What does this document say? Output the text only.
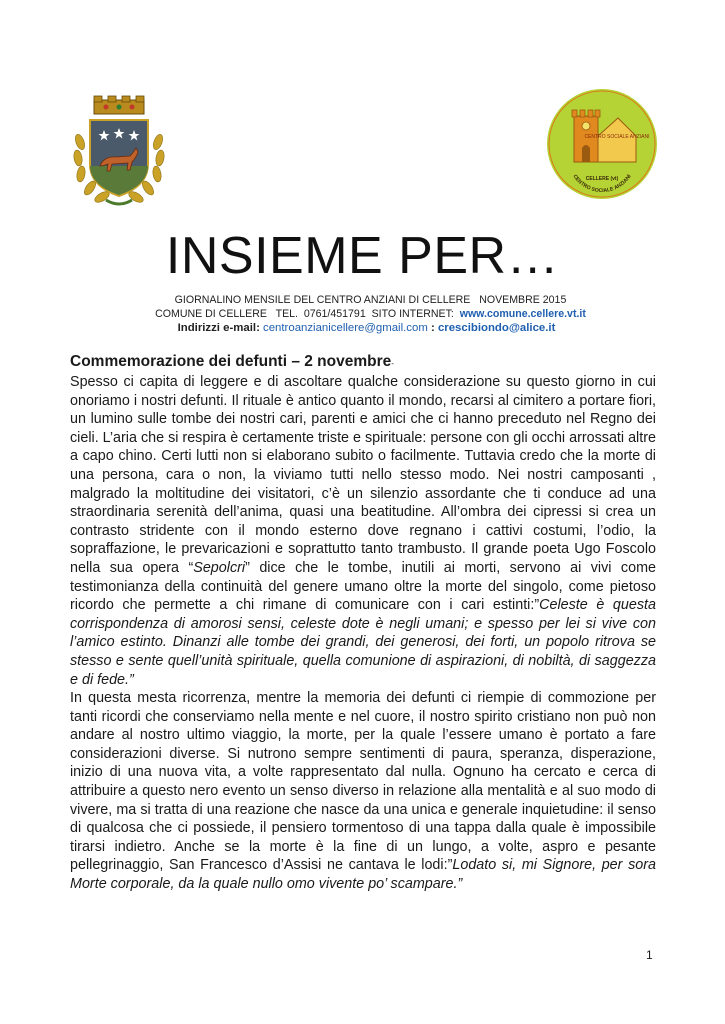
CENTRO SOCIALE ANZIANI
CENTRO SOCIALE ANZIANI
CELLERE (vt)
INSIEME PER…
GIORNALINO MENSILE DEL CENTRO ANZIANI DI CELLERE   NOVEMBRE 2015
COMUNE DI CELLERE   TEL.  0761/451791  SITO INTERNET:  www.comune.cellere.vt.it
Indirizzi e-mail: centroanzianicellere@gmail.com : crescibiondo@alice.it
Commemorazione dei defunti – 2 novembre-

Spesso ci capita di leggere e di ascoltare qualche considerazione su questo giorno in cui onoriamo i nostri defunti. Il rituale è antico quanto il mondo, recarsi al cimitero a portare fiori, un lumino sulle tombe dei nostri cari, parenti e amici che ci hanno preceduto nel Regno dei cieli. L’aria che si respira è certamente triste e spirituale: persone con gli occhi arrossati altre a capo chino. Certi lutti non si elaborano subito o facilmente. Tuttavia credo che la morte di una persona, cara o non, la viviamo tutti nello stesso modo. Nei nostri camposanti , malgrado la moltitudine dei visitatori, c’è un silenzio assordante che ti conduce ad una straordinaria serenità dell’anima, quasi una beatitudine. All’ombra dei cipressi si crea un contrasto stridente con il mondo esterno dove regnano i cattivi costumi, l’odio, la sopraffazione, le prevaricazioni e soprattutto tanto trambusto. Il grande poeta Ugo Foscolo nella sua opera “Sepolcri” dice che le tombe, inutili ai morti, servono ai vivi come testimonianza della continuità del genere umano oltre la morte del singolo, come pietoso ricordo che permette a chi rimane di comunicare con i cari estinti:”Celeste è questa corrispondenza di amorosi sensi, celeste dote è negli umani; e spesso per lei si vive con l’amico estinto. Dinanzi alle tombe dei grandi, dei generosi, dei forti, un popolo ritrova se stesso e sente quell’unità spirituale, quella comunione di aspirazioni, di nobiltà, di saggezza e di fede.”

In questa mesta ricorrenza, mentre la memoria dei defunti ci riempie di commozione per tanti ricordi che conserviamo nella mente e nel cuore, il nostro spirito cristiano non può non andare al nostro ultimo viaggio, la morte, per la quale l’essere umano è portato a fare considerazioni diverse. Si nutrono sempre sentimenti di paura, speranza, disperazione, inizio di una nuova vita, a volte rappresentato dal nulla. Ognuno ha cercato e cerca di attribuire a questo nero evento un senso diverso in relazione alla mentalità e al suo modo di vivere, ma si tratta di una reazione che nasce da una unica e generale inquietudine: il senso di qualcosa che ci possiede, il pensiero tormentoso di una tappa dalla quale è impossibile tirarsi indietro. Anche se la morte è la fine di un lungo, a volte, aspro e pesante pellegrinaggio, San Francesco d’Assisi ne cantava le lodi:”Lodato si, mi Signore, per sora Morte corporale, da la quale nullo omo vivente po’ scampare.”

1
